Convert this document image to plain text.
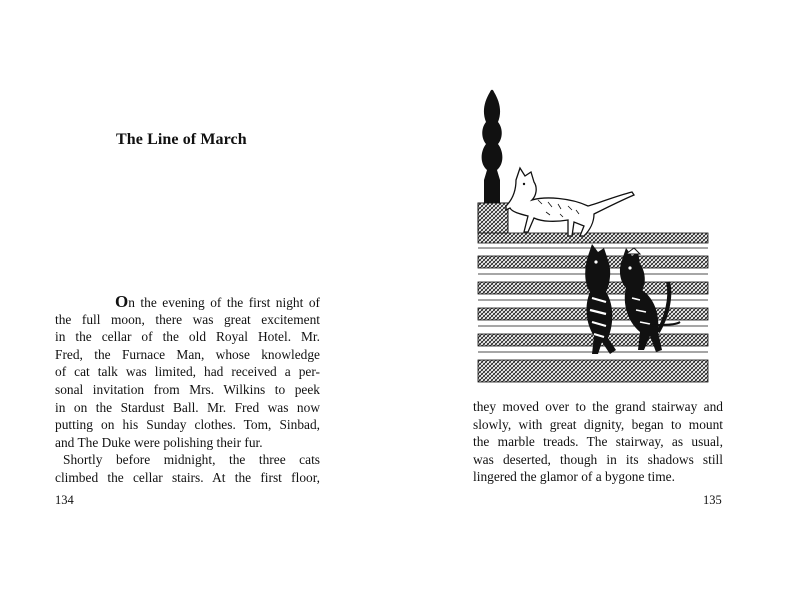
The Line of March
On the evening of the first night of
the full moon, there was great excitement
in the cellar of the old Royal Hotel. Mr.
Fred, the Furnace Man, whose knowledge
of cat talk was limited, had received a per-
sonal invitation from Mrs. Wilkins to peek
in on the Stardust Ball. Mr. Fred was now
putting on his Sunday clothes. Tom, Sinbad,
and The Duke were polishing their fur.
Shortly before midnight, the three cats
climbed the cellar stairs. At the first floor,
134
they moved over to the grand stairway and
slowly, with great dignity, began to mount
the marble treads. The stairway, as usual,
was deserted, though in its shadows still
lingered the glamor of a bygone time.
135
